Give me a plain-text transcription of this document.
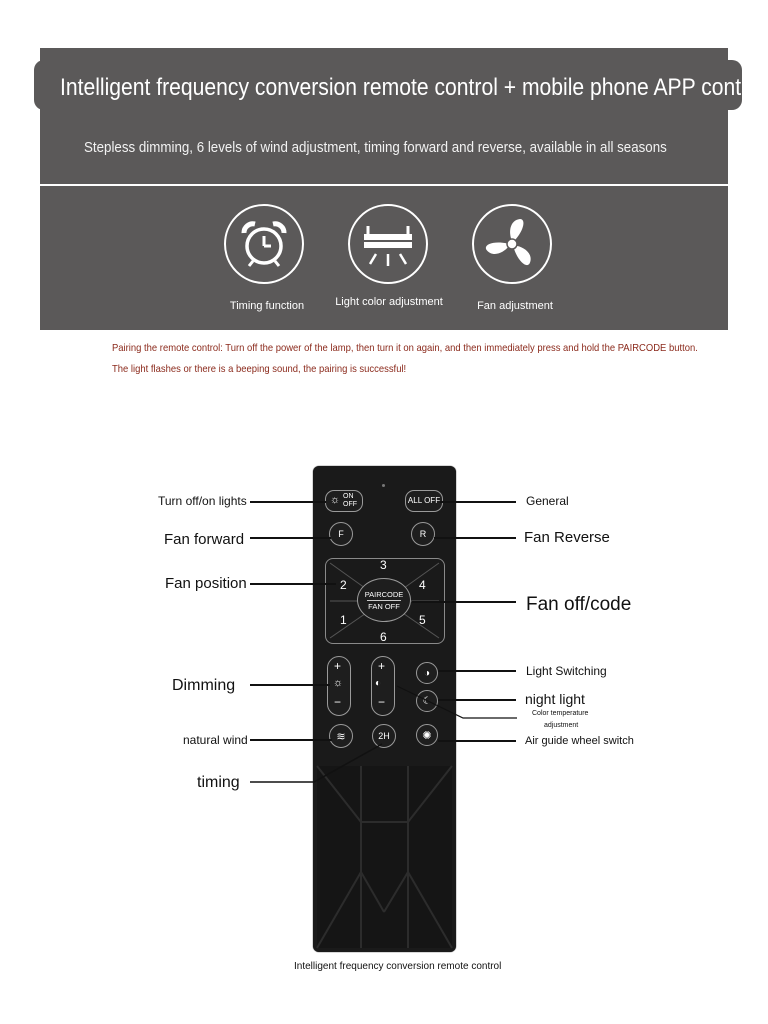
Intelligent frequency conversion remote control + mobile phone APP contro
Stepless dimming, 6 levels of wind adjustment, timing forward and reverse, available in all seasons
Timing function	Light color adjustment	Fan adjustment
Pairing the remote control: Turn off the power of the lamp, then turn it on again, and then immediately press and hold the PAIRCODE button.
The light flashes or there is a beeping sound, the pairing is successful!
☼ ON
OFF	ALL OFF
F	R
3
2	4
1	5
6
PAIRCODE
FAN OFF
+
☼
−
+
◐
−
◑
☾
≋	2H	✺
Turn off/on lights	General
Fan forward	Fan Reverse
Fan position
Fan off/code
Light Switching
Dimming
night light
Color temperature
adjustment
natural wind	Air guide wheel switch
timing
Intelligent frequency conversion remote control
